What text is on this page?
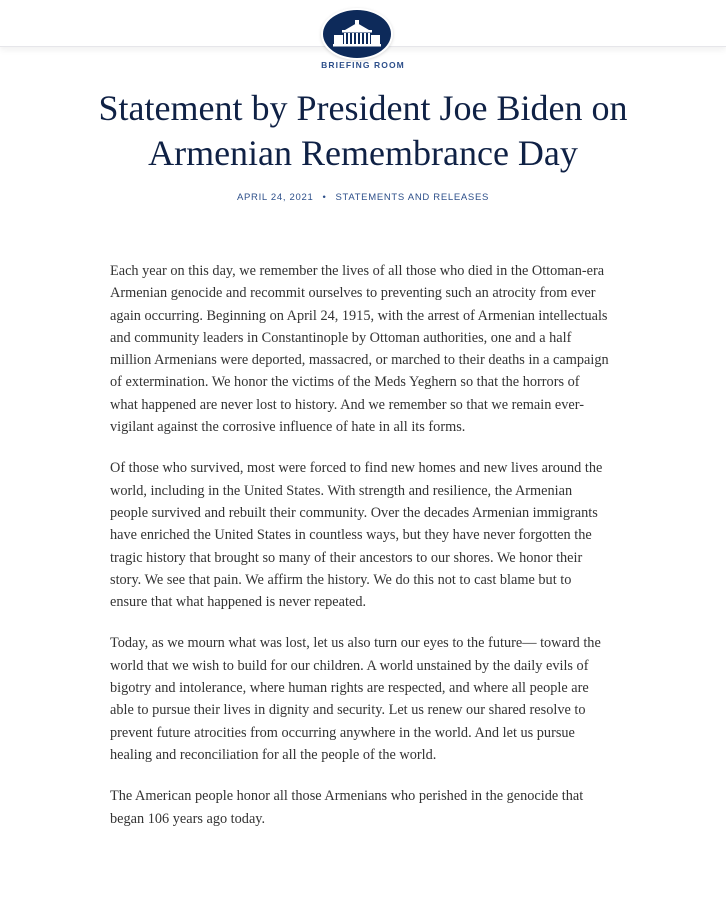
BRIEFING ROOM
Statement by President Joe Biden on Armenian Remembrance Day
APRIL 24, 2021 • STATEMENTS AND RELEASES

Each year on this day, we remember the lives of all those who died in the Ottoman-era Armenian genocide and recommit ourselves to preventing such an atrocity from ever again occurring. Beginning on April 24, 1915, with the arrest of Armenian intellectuals and community leaders in Constantinople by Ottoman authorities, one and a half million Armenians were deported, massacred, or marched to their deaths in a campaign of extermination. We honor the victims of the Meds Yeghern so that the horrors of what happened are never lost to history. And we remember so that we remain ever-vigilant against the corrosive influence of hate in all its forms.

Of those who survived, most were forced to find new homes and new lives around the world, including in the United States. With strength and resilience, the Armenian people survived and rebuilt their community. Over the decades Armenian immigrants have enriched the United States in countless ways, but they have never forgotten the tragic history that brought so many of their ancestors to our shores. We honor their story. We see that pain. We affirm the history. We do this not to cast blame but to ensure that what happened is never repeated.

Today, as we mourn what was lost, let us also turn our eyes to the future— toward the world that we wish to build for our children. A world unstained by the daily evils of bigotry and intolerance, where human rights are respected, and where all people are able to pursue their lives in dignity and security. Let us renew our shared resolve to prevent future atrocities from occurring anywhere in the world. And let us pursue healing and reconciliation for all the people of the world.

The American people honor all those Armenians who perished in the genocide that began 106 years ago today.
